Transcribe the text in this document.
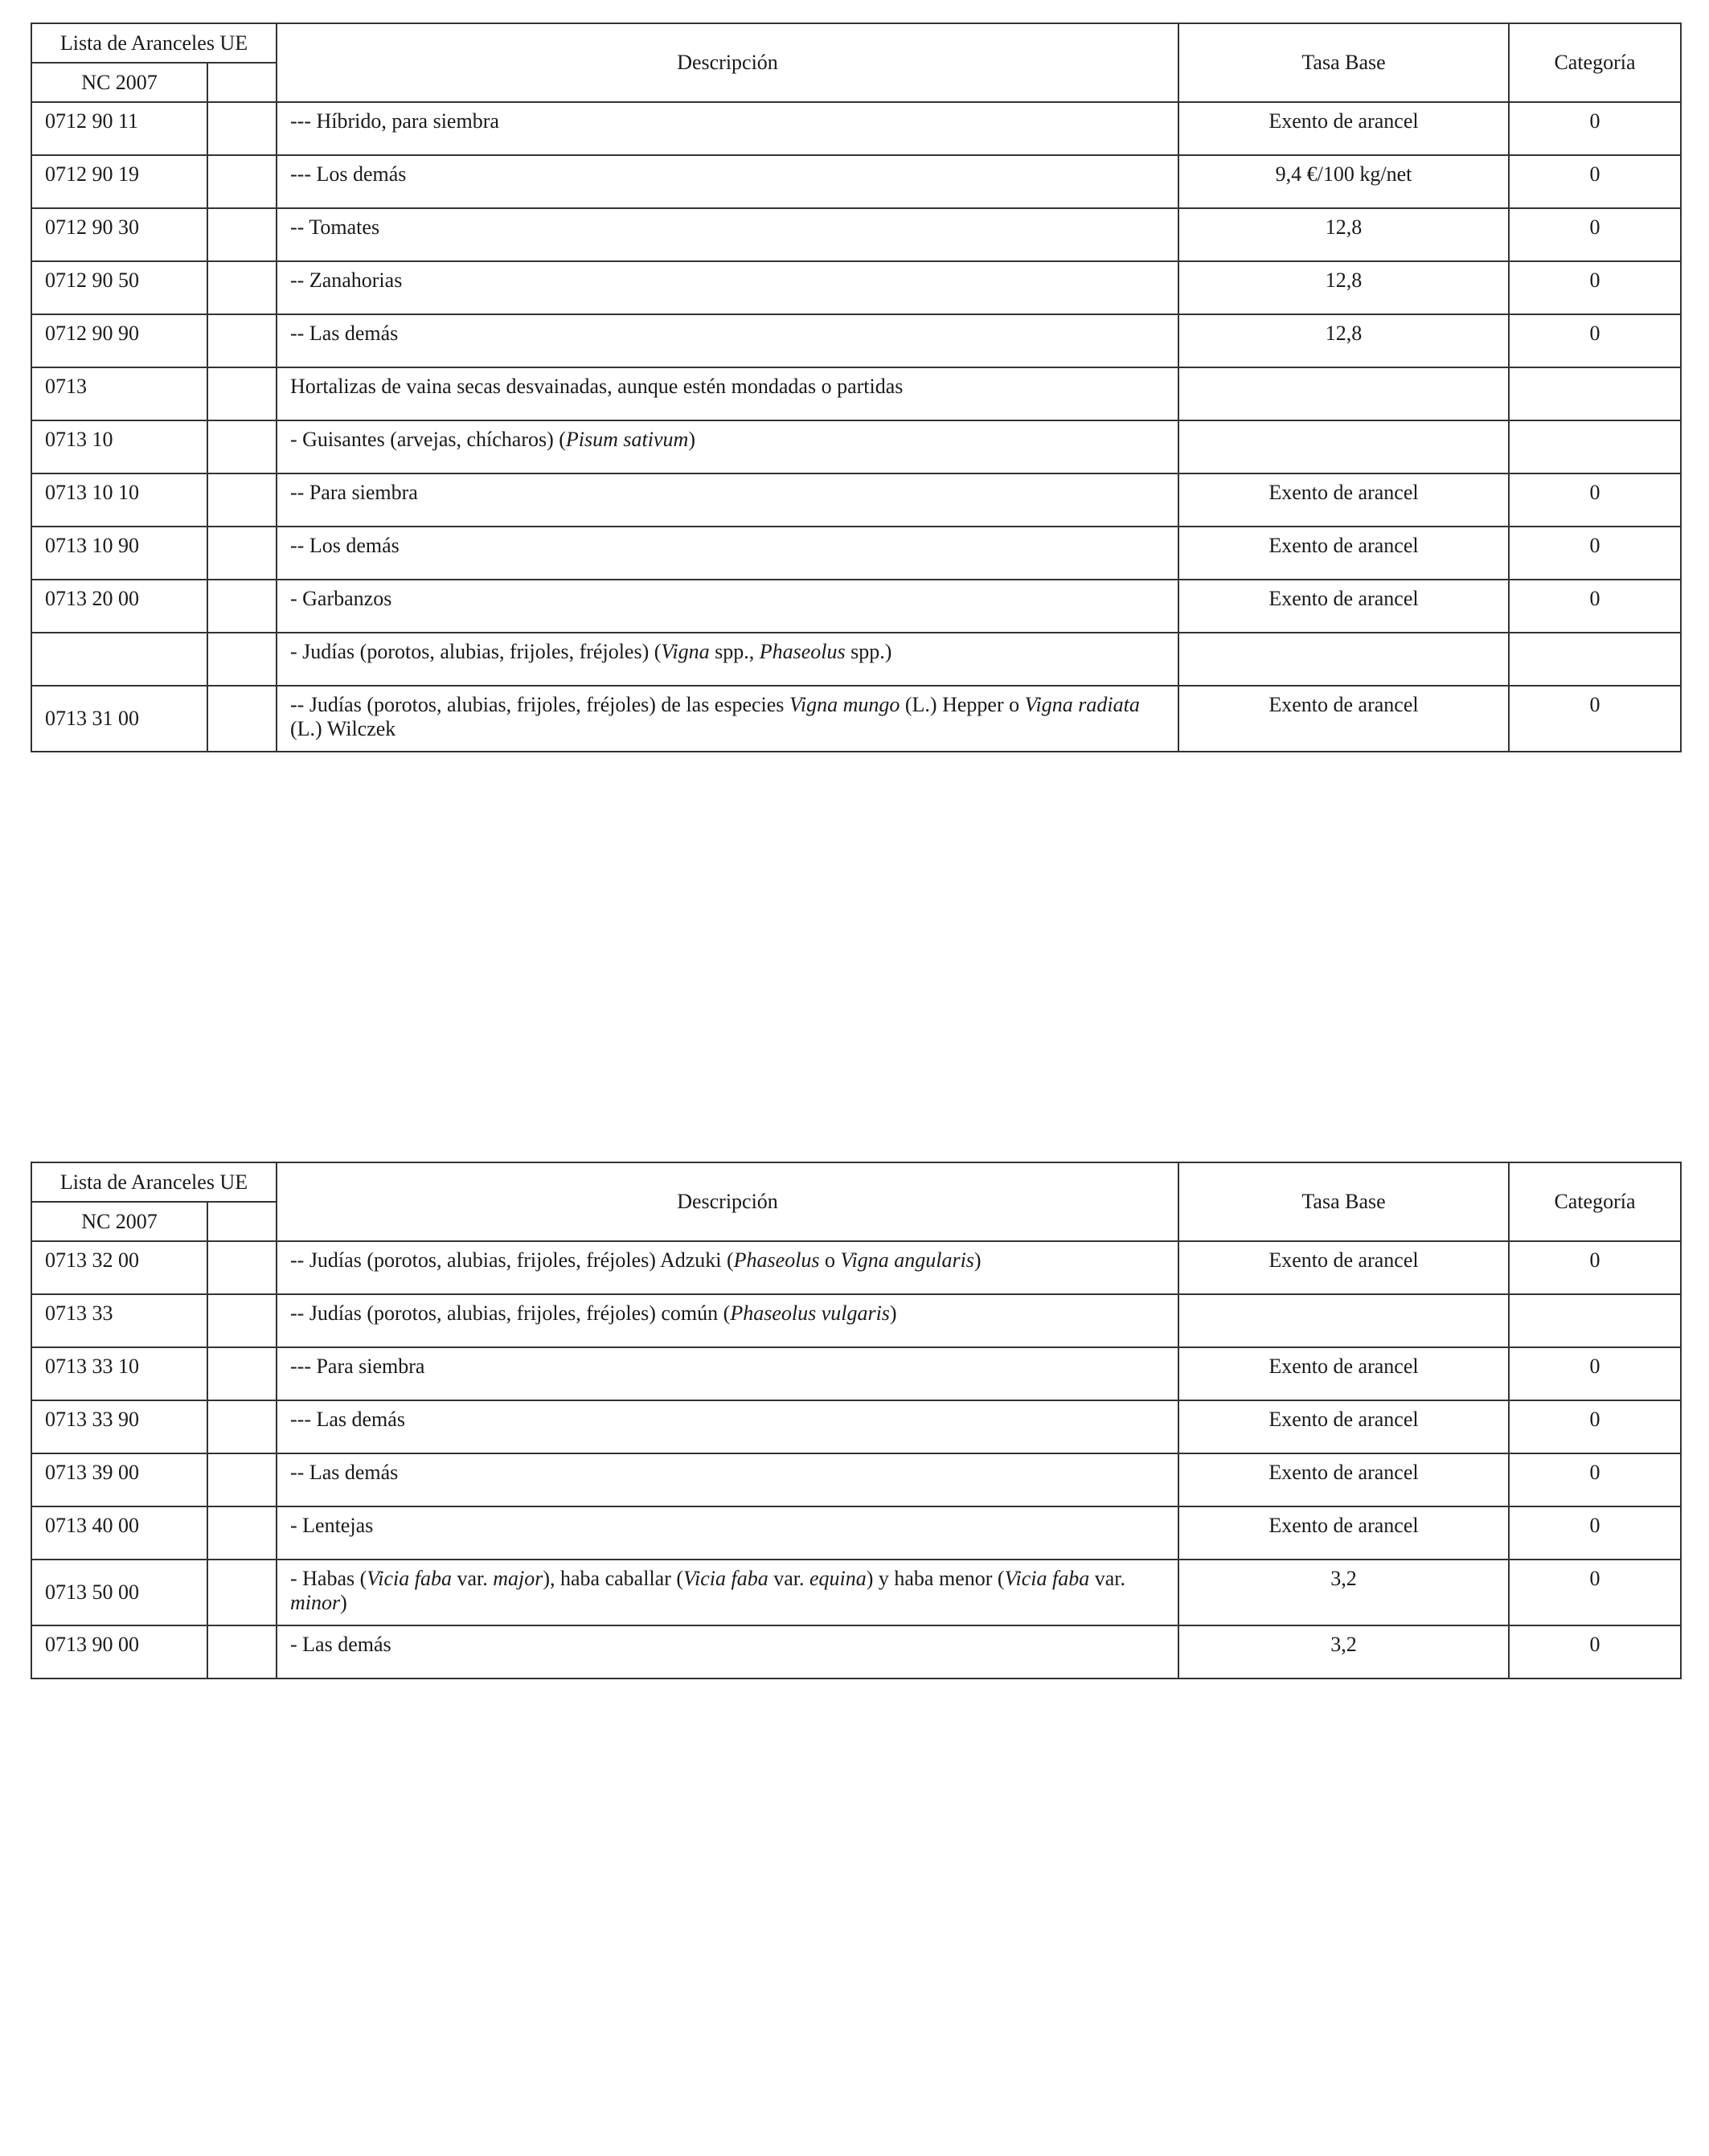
Lista de Aranceles UE		Descripción	Tasa Base	Categoría
NC 2007				
0712 90 11		--- Híbrido, para siembra	Exento de arancel	0
0712 90 19		--- Los demás	9,4 €/100 kg/net	0
0712 90 30		-- Tomates	12,8	0
0712 90 50		-- Zanahorias	12,8	0
0712 90 90		-- Las demás	12,8	0
0713		Hortalizas de vaina secas desvainadas, aunque estén mondadas o partidas		
0713 10		- Guisantes (arvejas, chícharos) (Pisum sativum)		
0713 10 10		-- Para siembra	Exento de arancel	0
0713 10 90		-- Los demás	Exento de arancel	0
0713 20 00		- Garbanzos	Exento de arancel	0
		- Judías (porotos, alubias, frijoles, fréjoles) (Vigna spp., Phaseolus spp.)		
0713 31 00		-- Judías (porotos, alubias, frijoles, fréjoles) de las especies Vigna mungo (L.) Hepper o Vigna radiata (L.) Wilczek	Exento de arancel	0
Lista de Aranceles UE		Descripción	Tasa Base	Categoría
NC 2007				
0713 32 00		-- Judías (porotos, alubias, frijoles, fréjoles) Adzuki (Phaseolus o Vigna angularis)	Exento de arancel	0
0713 33		-- Judías (porotos, alubias, frijoles, fréjoles) común (Phaseolus vulgaris)		
0713 33 10		--- Para siembra	Exento de arancel	0
0713 33 90		--- Las demás	Exento de arancel	0
0713 39 00		-- Las demás	Exento de arancel	0
0713 40 00		- Lentejas	Exento de arancel	0
0713 50 00		- Habas (Vicia faba var. major), haba caballar (Vicia faba var. equina) y haba menor (Vicia faba var. minor)	3,2	0
0713 90 00		- Las demás	3,2	0
